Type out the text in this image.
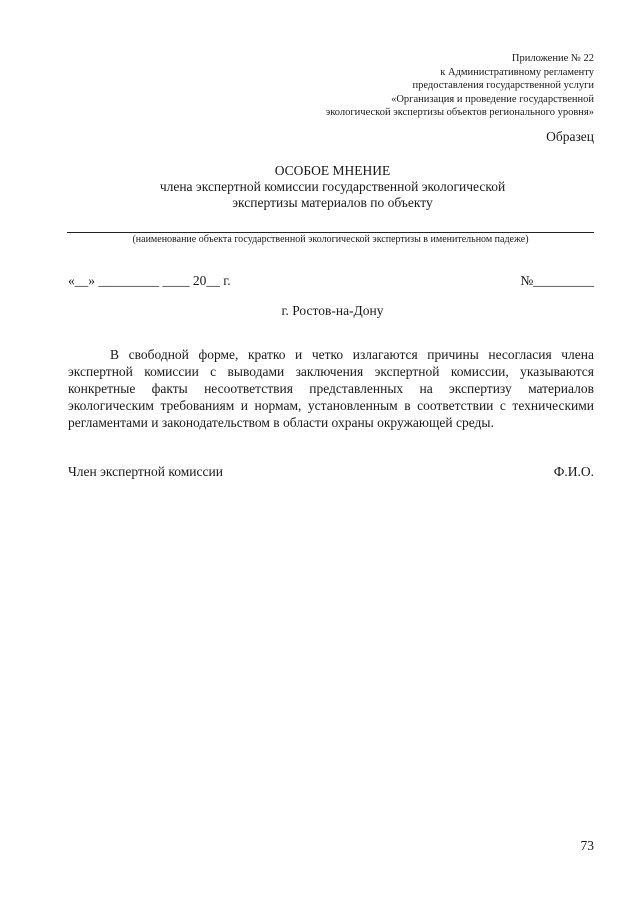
Приложение № 22
к Административному регламенту
предоставления государственной услуги
«Организация и проведение государственной
экологической экспертизы объектов регионального уровня»
Образец
ОСОБОЕ МНЕНИЕ
члена экспертной комиссии государственной экологической
экспертизы материалов по объекту
(наименование объекта государственной экологической экспертизы в именительном падеже)
«__» _________ ____ 20__ г.	№_________
г. Ростов-на-Дону
В свободной форме, кратко и четко излагаются причины несогласия члена экспертной комиссии с выводами заключения экспертной комиссии, указываются конкретные факты несоответствия представленных на экспертизу материалов экологическим требованиям и нормам, установленным в соответствии с техническими регламентами и законодательством в области охраны окружающей среды.
Член экспертной комиссии	Ф.И.О.
73
